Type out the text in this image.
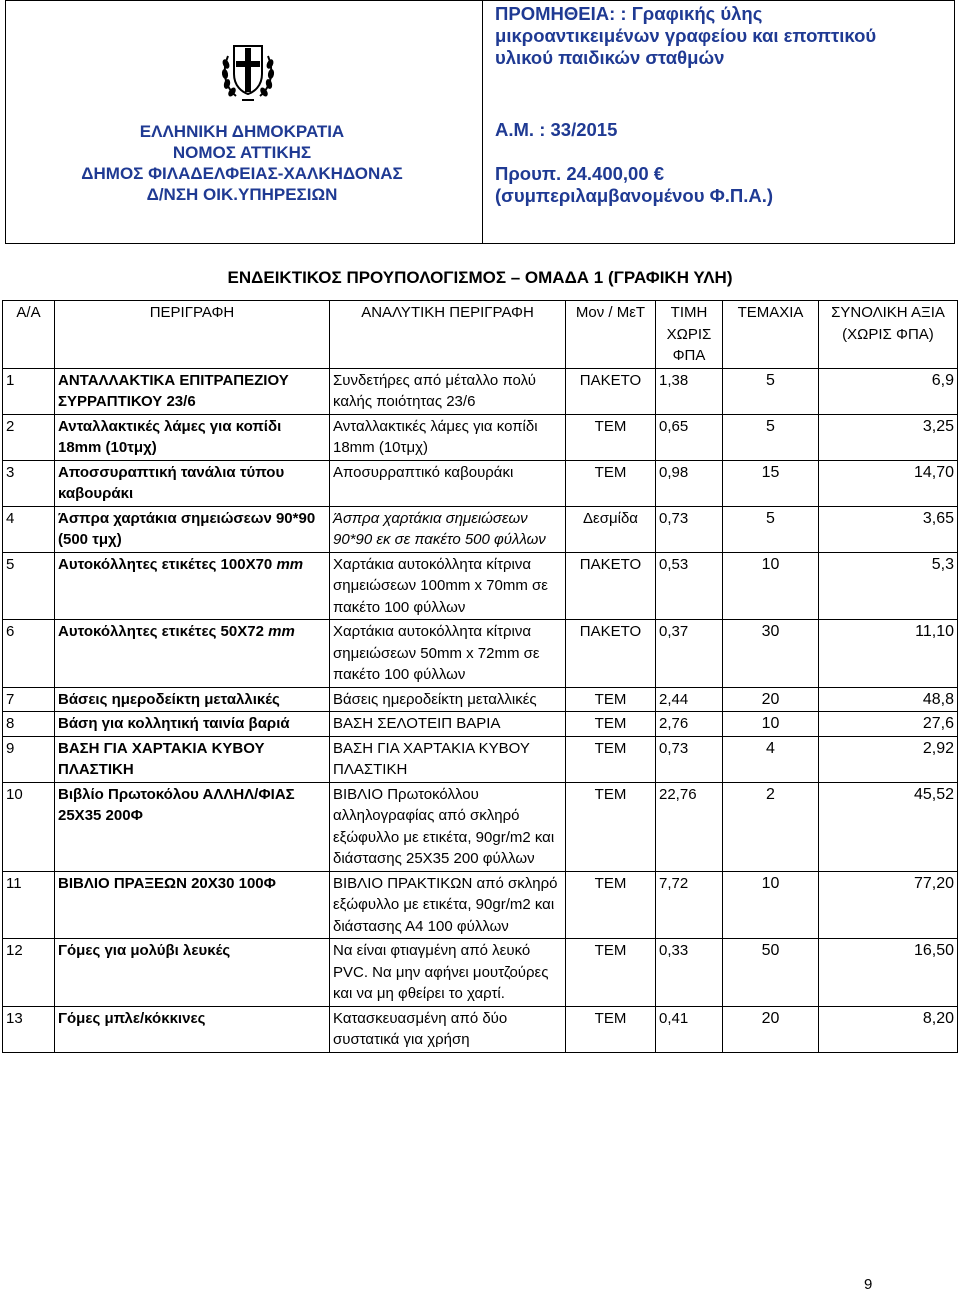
ΕΛΛΗΝΙΚΗ ΔΗΜΟΚΡΑΤΙΑ
ΝΟΜΟΣ ΑΤΤΙΚΗΣ
ΔΗΜΟΣ ΦΙΛΑΔΕΛΦΕΙΑΣ-ΧΑΛΚΗΔΟΝΑΣ
Δ/ΝΣΗ ΟΙΚ.ΥΠΗΡΕΣΙΩΝ
ΠΡΟΜΗΘΕΙΑ: : Γραφικής ύλης
μικροαντικειμένων γραφείου και εποπτικού
υλικού παιδικών σταθμών
Α.Μ. : 33/2015
Προυπ. 24.400,00 €
(συμπεριλαμβανομένου Φ.Π.Α.)
ΕΝΔΕΙΚΤΙΚΟΣ ΠΡΟΥΠΟΛΟΓΙΣΜΟΣ – ΟΜΑΔΑ 1 (ΓΡΑΦΙΚΗ ΥΛΗ)
Α/Α	ΠΕΡΙΓΡΑΦΗ	ΑΝΑΛΥΤΙΚΗ ΠΕΡΙΓΡΑΦΗ	Μον / ΜεΤ	ΤΙΜΗ ΧΩΡΙΣ ΦΠΑ	ΤΕΜΑΧΙΑ	ΣΥΝΟΛΙΚΗ ΑΞΙΑ (ΧΩΡΙΣ ΦΠΑ)
1	ΑΝΤΑΛΛΑΚΤΙΚΑ ΕΠΙΤΡΑΠΕΖΙΟΥ ΣΥΡΡΑΠΤΙΚΟΥ 23/6	Συνδετήρες από μέταλλο πολύ καλής ποιότητας 23/6	ΠΑΚΕΤΟ	1,38	5	6,9
2	Ανταλλακτικές λάμες για κοπίδι 18mm (10τμχ)	Ανταλλακτικές λάμες για κοπίδι 18mm (10τμχ)	ΤΕΜ	0,65	5	3,25
3	Αποσσυραπτική τανάλια τύπου καβουράκι	Αποσυρραπτικό καβουράκι	ΤΕΜ	0,98	15	14,70
4	Άσπρα χαρτάκια σημειώσεων 90*90 (500 τμχ)	Άσπρα χαρτάκια σημειώσεων 90*90 εκ σε πακέτο 500 φύλλων	Δεσμίδα	0,73	5	3,65
5	Αυτοκόλλητες ετικέτες 100Χ70 mm	Χαρτάκια αυτοκόλλητα κίτρινα σημειώσεων 100mm x 70mm σε πακέτο 100 φύλλων	ΠΑΚΕΤΟ	0,53	10	5,3
6	Αυτοκόλλητες ετικέτες 50Χ72 mm	Χαρτάκια αυτοκόλλητα κίτρινα σημειώσεων 50mm x 72mm σε πακέτο 100 φύλλων	ΠΑΚΕΤΟ	0,37	30	11,10
7	Βάσεις ημεροδείκτη μεταλλικές	Βάσεις ημεροδείκτη μεταλλικές	ΤΕΜ	2,44	20	48,8
8	Βάση για κολλητική ταινία βαριά	ΒΑΣΗ ΣΕΛΟΤΕΙΠ ΒΑΡΙΑ	ΤΕΜ	2,76	10	27,6
9	ΒΑΣΗ ΓΙΑ ΧΑΡΤΑΚΙΑ ΚΥΒΟΥ ΠΛΑΣΤΙΚΗ	ΒΑΣΗ ΓΙΑ ΧΑΡΤΑΚΙΑ ΚΥΒΟΥ ΠΛΑΣΤΙΚΗ	ΤΕΜ	0,73	4	2,92
10	Βιβλίο Πρωτοκόλου ΑΛΛΗΛ/ΦΙΑΣ 25Χ35 200Φ	ΒΙΒΛΙΟ Πρωτοκόλλου αλληλογραφίας από σκληρό εξώφυλλο με ετικέτα, 90gr/m2 και διάστασης 25Χ35 200 φύλλων	ΤΕΜ	22,76	2	45,52
11	ΒΙΒΛΙΟ ΠΡΑΞΕΩΝ 20Χ30 100Φ	ΒΙΒΛΙΟ ΠΡΑΚΤΙΚΩΝ από σκληρό εξώφυλλο με ετικέτα, 90gr/m2 και διάστασης Α4 100 φύλλων	ΤΕΜ	7,72	10	77,20
12	Γόμες για μολύβι λευκές	Να είναι φτιαγμένη από λευκό PVC. Να μην αφήνει μουτζούρες και να μη φθείρει το χαρτί.	ΤΕΜ	0,33	50	16,50
13	Γόμες μπλε/κόκκινες	Κατασκευασμένη από δύο συστατικά για χρήση	ΤΕΜ	0,41	20	8,20
9
